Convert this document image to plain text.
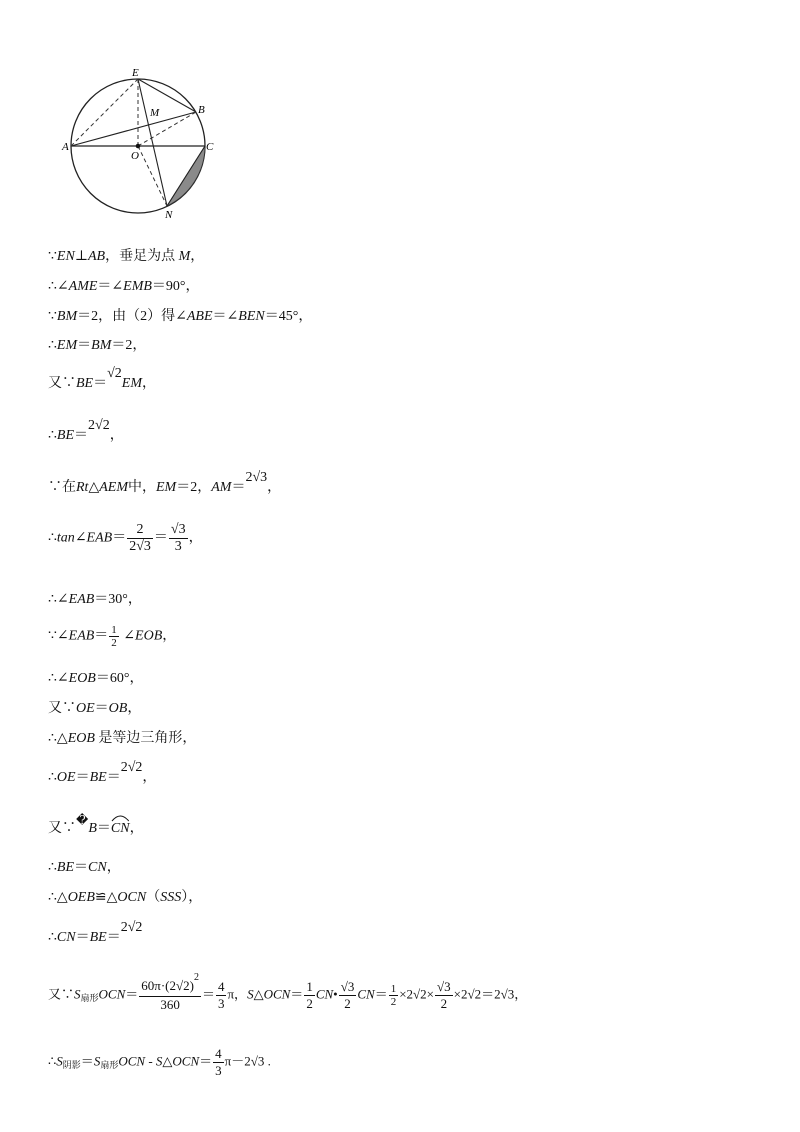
E
B
M
A
O
C
N
∵EN⊥AB，垂足为点 M，
∴∠AME＝∠EMB＝90°，
∵BM＝2，由（2）得∠ABE＝∠BEN＝45°，
∴EM＝BM＝2，
又∵BE＝√2EM，
∴BE＝2√2，
∵在Rt△AEM中，EM＝2，AM＝2√3，
∴tan∠EAB＝ $\frac{2}{2√3} = \frac{√3}{3}$ ，
∴∠EAB＝30°，
∵∠EAB＝ $\frac{1}{2}$ ∠EOB，
∴∠EOB＝60°，
又∵OE＝OB，
∴△EOB 是等边三角形，
∴OE＝BE＝2√2，
又∵�B＝
CN，
∴BE＝CN，
∴△OEB≌△OCN（SSS），
∴CN＝BE＝2√2
又$\because S_{扇形}OCN= \frac{60\pi\cdot(2√2)^2}{360} = \frac{4}{3}$ π，S△OCN＝ $\frac{1}{2}$ CN• $\frac{√3}{2} CN= \frac{1}{2} \times 2√2\times \frac{√3}{2} \times 2√2=2√3$，
$\therefore S_{阴影}=S_{扇形}OCN$ - S△OCN＝ $\frac{4}{3} \pi-2√3$ .
